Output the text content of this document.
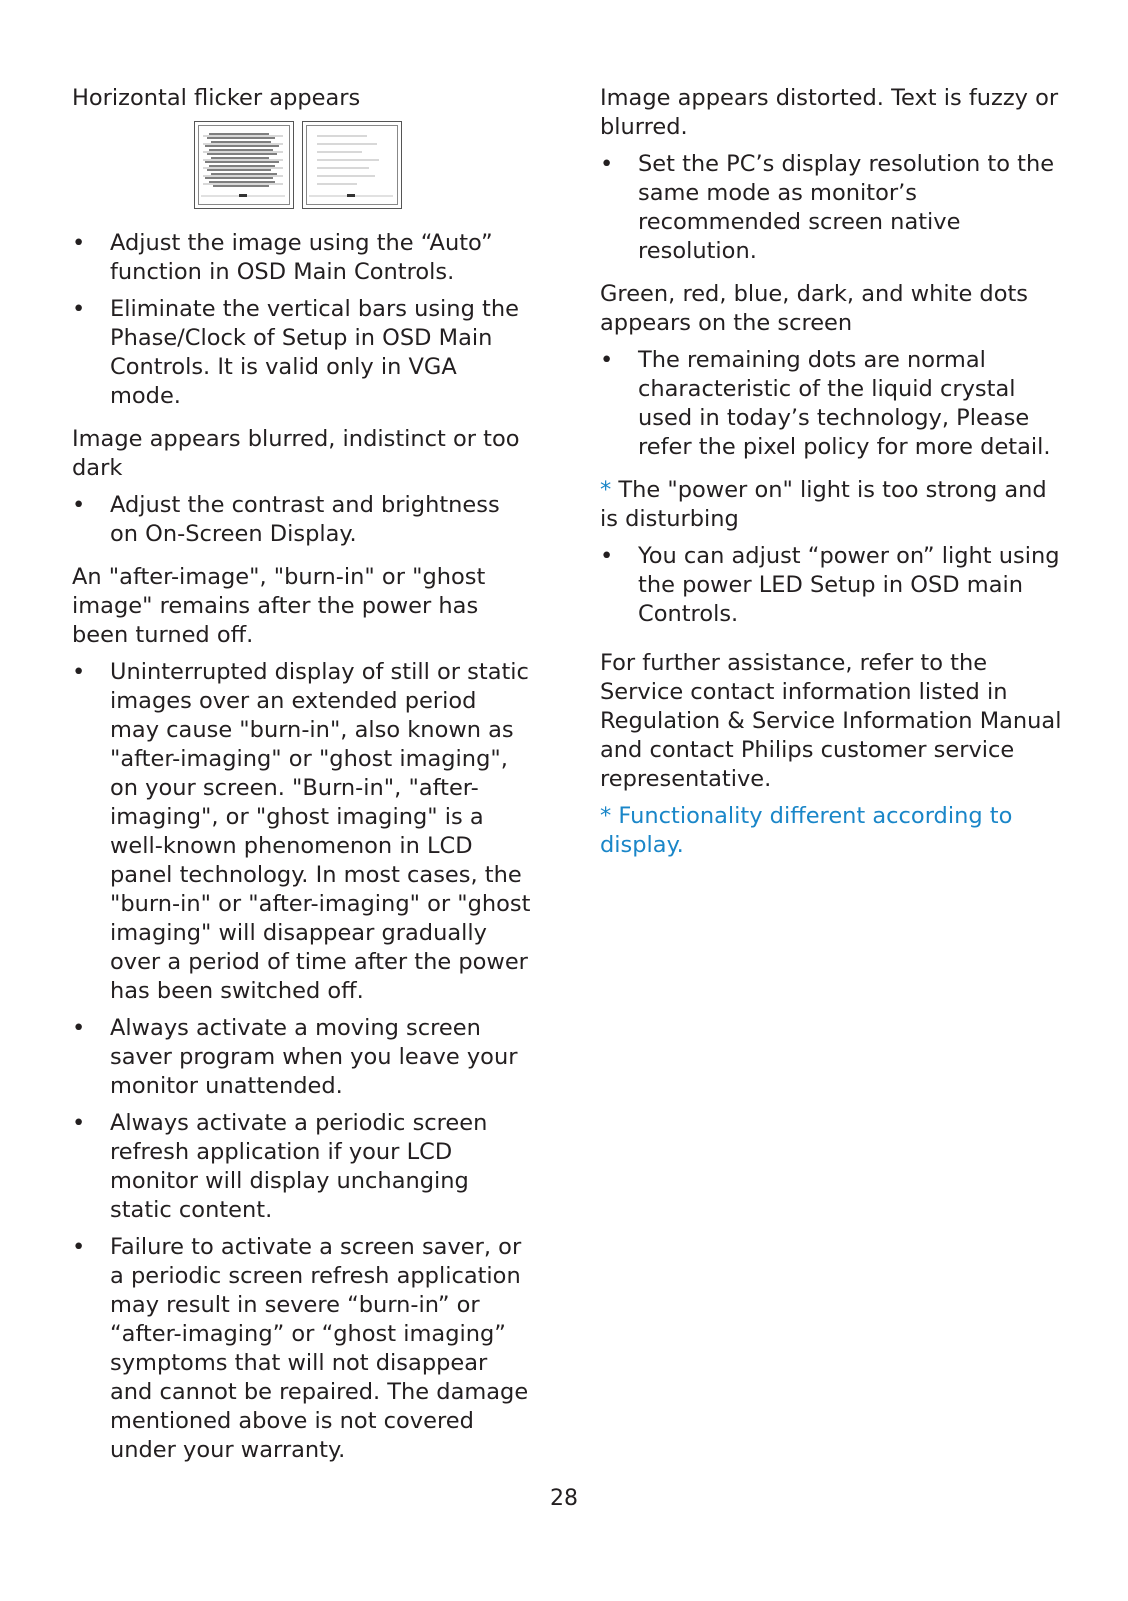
Horizontal flicker appears

• Adjust the image using the “Auto” function in OSD Main Controls.
• Eliminate the vertical bars using the Phase/Clock of Setup in OSD Main Controls. It is valid only in VGA mode.

Image appears blurred, indistinct or too dark

• Adjust the contrast and brightness on On-Screen Display.

An "after-image", "burn-in" or "ghost image" remains after the power has been turned off.

• Uninterrupted display of still or static images over an extended period may cause "burn-in", also known as "after-imaging" or "ghost imaging", on your screen. "Burn-in", "after-imaging", or "ghost imaging" is a well-known phenomenon in LCD panel technology. In most cases, the "burn-in" or "after-imaging" or "ghost imaging" will disappear gradually over a period of time after the power has been switched off.
• Always activate a moving screen saver program when you leave your monitor unattended.
• Always activate a periodic screen refresh application if your LCD monitor will display unchanging static content.
• Failure to activate a screen saver, or a periodic screen refresh application may result in severe “burn-in” or “after-imaging” or “ghost imaging” symptoms that will not disappear and cannot be repaired. The damage mentioned above is not covered under your warranty.

Image appears distorted. Text is fuzzy or blurred.

• Set the PC’s display resolution to the same mode as monitor’s recommended screen native resolution.

Green, red, blue, dark, and white dots appears on the screen

• The remaining dots are normal characteristic of the liquid crystal used in today’s technology, Please refer the pixel policy for more detail.

* The "power on" light is too strong and is disturbing

• You can adjust “power on” light using the power LED Setup in OSD main Controls.

For further assistance, refer to the Service contact information listed in Regulation & Service Information Manual and contact Philips customer service representative.

* Functionality different according to display.

28
